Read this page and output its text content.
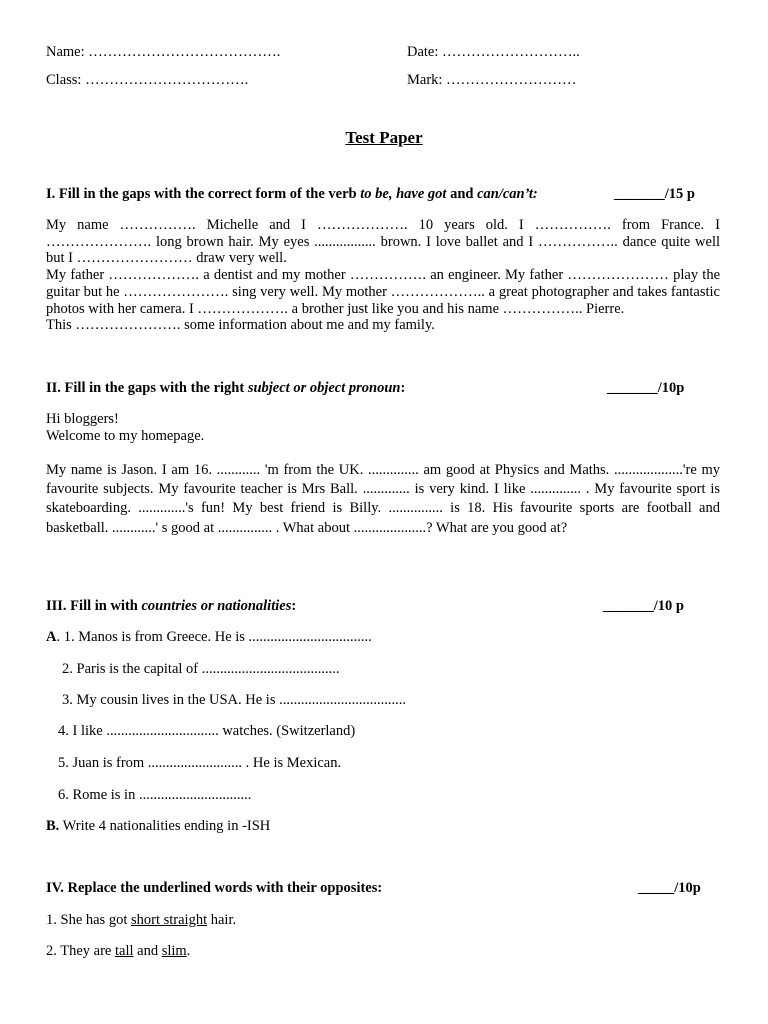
Name: ………………………………….	Date: ………………………..
Class: …………………………….	Mark: ………………………
Test Paper
I. Fill in the gaps with the correct form of the verb to be, have got and can/can’t:	_______/15 p

My name ……………. Michelle and I ………………. 10 years old. I ……………. from France. I …………………. long brown hair. My eyes ................. brown. I love ballet and I …………….. dance quite well but I …………………… draw very well.

My father ………………. a dentist and my mother ……………. an engineer. My father ………………… play the guitar but he …………………. sing very well. My mother ……………….. a great photographer and takes fantastic photos with her camera. I ………………. a brother just like you and his name …………….. Pierre.

This …………………. some information about me and my family.

II. Fill in the gaps with the right subject or object pronoun:	_______/10p
Hi bloggers!
Welcome to my homepage.
My name is Jason. I am 16. ............ 'm from the UK. .............. am good at Physics and Maths. ...................'re my favourite subjects. My favourite teacher is Mrs Ball. ............. is very kind. I like .............. . My favourite sport is skateboarding. .............'s fun! My best friend is Billy. ............... is 18. His favourite sports are football and basketball. ............' s good at ............... . What about ....................? What are you good at?
III. Fill in with countries or nationalities:	_______/10 p
A. 1. Manos is from Greece. He is ..................................
2. Paris is the capital of ......................................
3. My cousin lives in the USA. He is ...................................
4. I like ............................... watches. (Switzerland)
5. Juan is from .......................... . He is Mexican.
6. Rome is in ...............................
B. Write 4 nationalities ending in -ISH
IV. Replace the underlined words with their opposites:	_____/10p
1. She has got short straight hair.
2. They are tall and slim.
